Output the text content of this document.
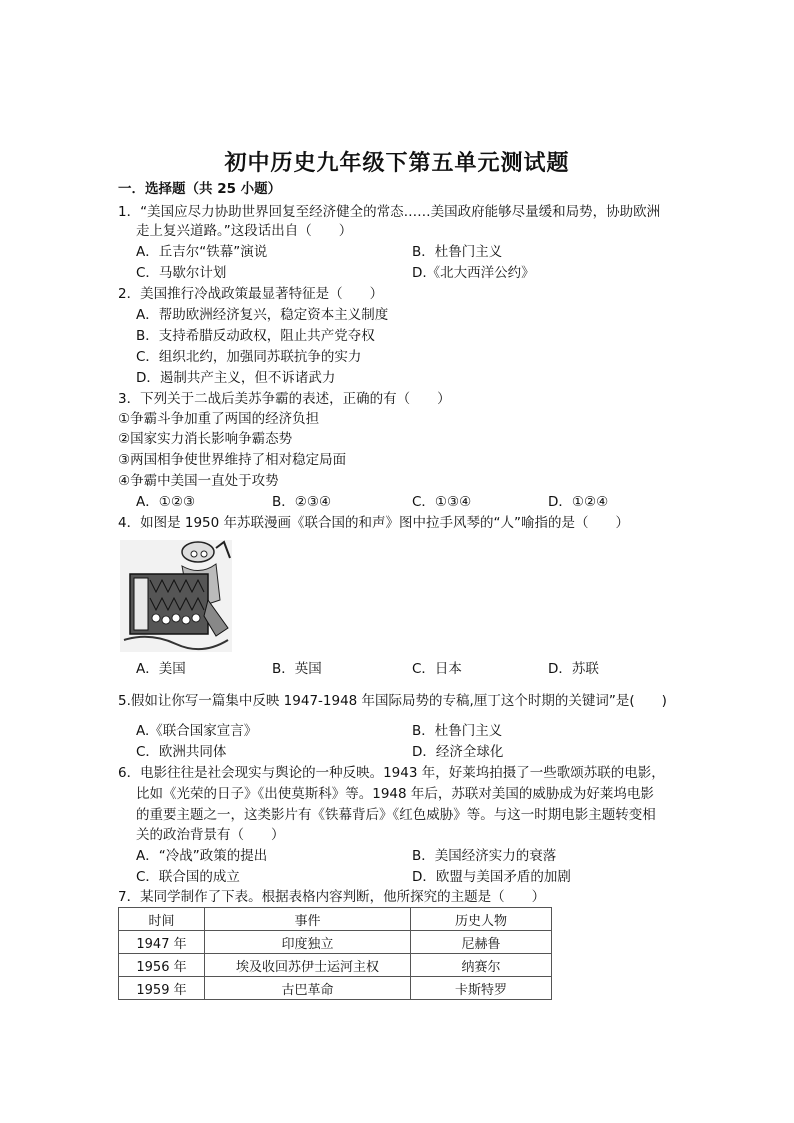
初中历史九年级下第五单元测试题
一．选择题（共 25 小题）
1．“美国应尽力协助世界回复至经济健全的常态……美国政府能够尽量缓和局势，协助欧洲
走上复兴道路。”这段话出自（　　）
A．丘吉尔“铁幕”演说	B．杜鲁门主义
C．马歇尔计划	D.《北大西洋公约》
2．美国推行冷战政策最显著特征是（　　）
A．帮助欧洲经济复兴，稳定资本主义制度
B．支持希腊反动政权，阻止共产党夺权
C．组织北约，加强同苏联抗争的实力
D．遏制共产主义，但不诉诸武力
3．下列关于二战后美苏争霸的表述，正确的有（　　）
①争霸斗争加重了两国的经济负担
②国家实力消长影响争霸态势
③两国相争使世界维持了相对稳定局面
④争霸中美国一直处于攻势
A．①②③	B．②③④	C．①③④	D．①②④
4．如图是 1950 年苏联漫画《联合国的和声》图中拉手风琴的“人”喻指的是（　　）
A．美国	B．英国	C．日本	D．苏联
5.假如让你写一篇集中反映 1947-1948 年国际局势的专稿,厘丁这个时期的关键词”是(　　)
A.《联合国家宣言》	B．杜鲁门主义
C．欧洲共同体	D．经济全球化
6．电影往往是社会现实与舆论的一种反映。1943 年，好莱坞拍摄了一些歌颂苏联的电影，
比如《光荣的日子》《出使莫斯科》等。1948 年后，苏联对美国的威胁成为好莱坞电影
的重要主题之一，这类影片有《铁幕背后》《红色威胁》等。与这一时期电影主题转变相
关的政治背景有（　　）
A．“冷战”政策的提出	B．美国经济实力的衰落
C．联合国的成立	D．欧盟与美国矛盾的加剧
7．某同学制作了下表。根据表格内容判断，他所探究的主题是（　　）
时间	事件	历史人物
1947 年	印度独立	尼赫鲁
1956 年	埃及收回苏伊士运河主权	纳赛尔
1959 年	古巴革命	卡斯特罗
